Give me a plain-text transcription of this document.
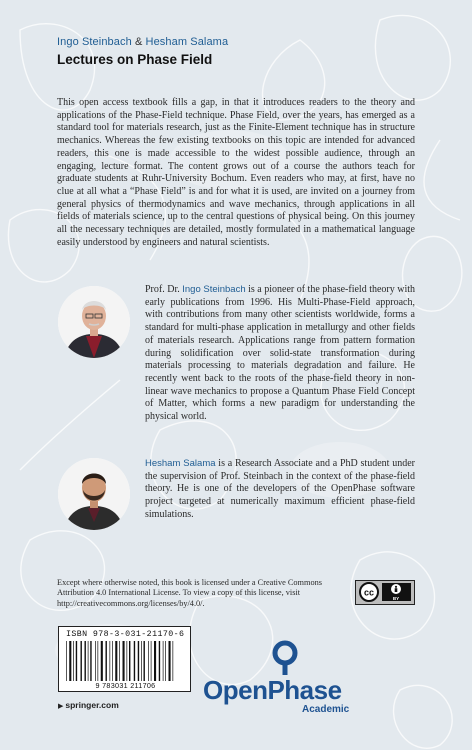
Ingo Steinbach & Hesham Salama
Lectures on Phase Field

This open access textbook fills a gap, in that it introduces readers to the theory and applications of the Phase-Field technique. Phase Field, over the years, has emerged as a standard tool for materials research, just as the Finite-Element technique has in structure mechanics. Whereas the few existing textbooks on this topic are intended for advanced readers, this one is made accessible to the widest possible audience, through an engaging, lecture format. The content grows out of a course the authors teach for graduate students at Ruhr-University Bochum. Even readers who may, at first, have no clue at all what a “Phase Field” is and for what it is used, are invited on a journey from general physics of thermodynamics and wave mechanics, through applications in all fields of materials science, up to the central questions of physical being. On this journey all the necessary techniques are detailed, mostly formulated in a mathematical language easily understood by engineers and natural scientists.

Prof. Dr. Ingo Steinbach is a pioneer of the phase-field theory with early publications from 1996. His Multi-Phase-Field approach, with contributions from many other scientists worldwide, forms a standard for multi-phase application in metallurgy and other fields of materials research. Applications range from pattern formation during solidification over solid-state transformation during materials processing to materials degradation and failure. He recently went back to the roots of the phase-field theory in non-linear wave mechanics to propose a Quantum Phase Field Concept of Matter, which forms a new paradigm for understanding the physical world.

Hesham Salama is a Research Associate and a PhD student under the supervision of Prof. Steinbach in the context of the phase-field theory. He is one of the developers of the OpenPhase software project targeted at numerically maximum efficient phase-field simulations.

Except where otherwise noted, this book is licensed under a Creative Commons Attribution 4.0 International License. To view a copy of this license, visit http://creativecommons.org/licenses/by/4.0/.

cc
BY
ISBN 978-3-031-21170-6
9 783031 211706
▶ springer.com	OpenPhase
Academic
